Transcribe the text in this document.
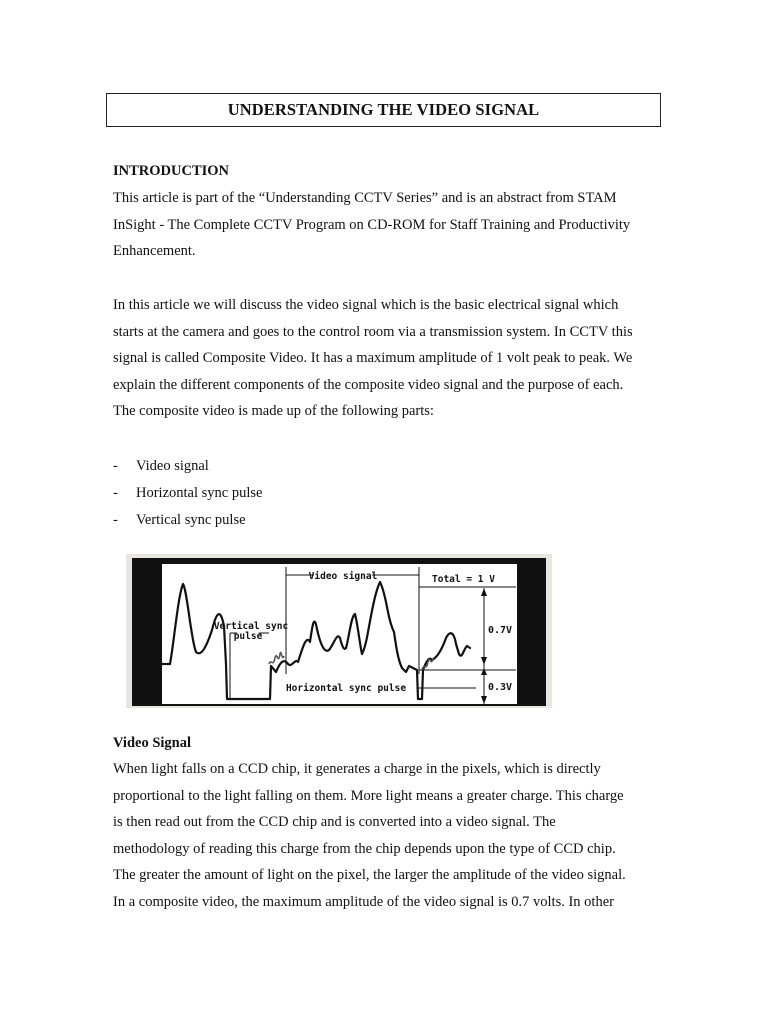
UNDERSTANDING THE VIDEO SIGNAL
INTRODUCTION
This article is part of the “Understanding CCTV Series” and is an abstract from STAM
InSight - The Complete CCTV Program on CD-ROM for Staff Training and Productivity
Enhancement.
In this article we will discuss the video signal which is the basic electrical signal which
starts at the camera and goes to the control room via a transmission system. In CCTV this
signal is called Composite Video. It has a maximum amplitude of 1 volt peak to peak. We
explain the different components of the composite video signal and the purpose of each.
The composite video is made up of the following parts:
-	Video signal
-	Horizontal sync pulse
-	Vertical sync pulse
Video signal	Total = 1 V
Vertical sync
pulse
0.7V
Horizontal sync pulse	0.3V
Video Signal
When light falls on a CCD chip, it generates a charge in the pixels, which is directly
proportional to the light falling on them. More light means a greater charge. This charge
is then read out from the CCD chip and is converted into a video signal. The
methodology of reading this charge from the chip depends upon the type of CCD chip.
The greater the amount of light on the pixel, the larger the amplitude of the video signal.
In a composite video, the maximum amplitude of the video signal is 0.7 volts. In other
